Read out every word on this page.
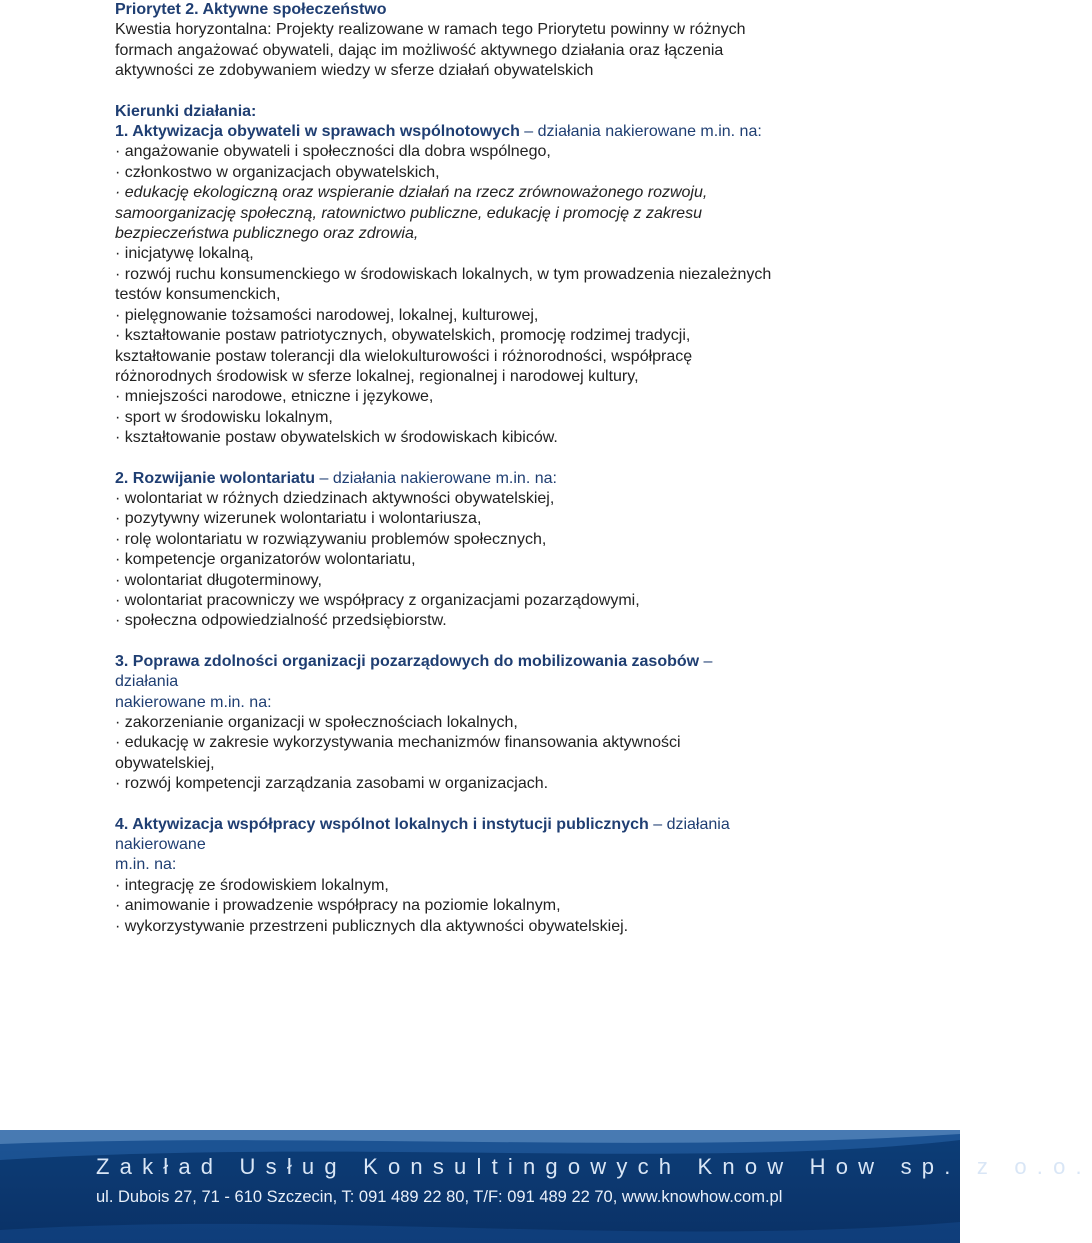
Priorytet 2. Aktywne społeczeństwo
Kwestia horyzontalna: Projekty realizowane w ramach tego Priorytetu powinny w różnych
formach angażować obywateli, dając im możliwość aktywnego działania oraz łączenia
aktywności ze zdobywaniem wiedzy w sferze działań obywatelskich
Kierunki działania:
1. Aktywizacja obywateli w sprawach wspólnotowych – działania nakierowane m.in. na:
· angażowanie obywateli i społeczności dla dobra wspólnego,
· członkostwo w organizacjach obywatelskich,
· edukację ekologiczną oraz wspieranie działań na rzecz zrównoważonego rozwoju,
samoorganizację społeczną, ratownictwo publiczne, edukację i promocję z zakresu
bezpieczeństwa publicznego oraz zdrowia,
· inicjatywę lokalną,
· rozwój ruchu konsumenckiego w środowiskach lokalnych, w tym prowadzenia niezależnych
testów konsumenckich,
· pielęgnowanie tożsamości narodowej, lokalnej, kulturowej,
· kształtowanie postaw patriotycznych, obywatelskich, promocję rodzimej tradycji,
kształtowanie postaw tolerancji dla wielokulturowości i różnorodności, współpracę
różnorodnych środowisk w sferze lokalnej, regionalnej i narodowej kultury,
· mniejszości narodowe, etniczne i językowe,
· sport w środowisku lokalnym,
· kształtowanie postaw obywatelskich w środowiskach kibiców.
2. Rozwijanie wolontariatu – działania nakierowane m.in. na:
· wolontariat w różnych dziedzinach aktywności obywatelskiej,
· pozytywny wizerunek wolontariatu i wolontariusza,
· rolę wolontariatu w rozwiązywaniu problemów społecznych,
· kompetencje organizatorów wolontariatu,
· wolontariat długoterminowy,
· wolontariat pracowniczy we współpracy z organizacjami pozarządowymi,
· społeczna odpowiedzialność przedsiębiorstw.
3. Poprawa zdolności organizacji pozarządowych do mobilizowania zasobów –
działania
nakierowane m.in. na:
· zakorzenianie organizacji w społecznościach lokalnych,
· edukację w zakresie wykorzystywania mechanizmów finansowania aktywności
obywatelskiej,
· rozwój kompetencji zarządzania zasobami w organizacjach.
4. Aktywizacja współpracy wspólnot lokalnych i instytucji publicznych – działania
nakierowane
m.in. na:
· integrację ze środowiskiem lokalnym,
· animowanie i prowadzenie współpracy na poziomie lokalnym,
· wykorzystywanie przestrzeni publicznych dla aktywności obywatelskiej.
Zakład Usług Konsultingowych Know How sp. z o.o.
ul. Dubois 27, 71 - 610 Szczecin, T: 091 489 22 80, T/F: 091 489 22 70, www.knowhow.com.pl
